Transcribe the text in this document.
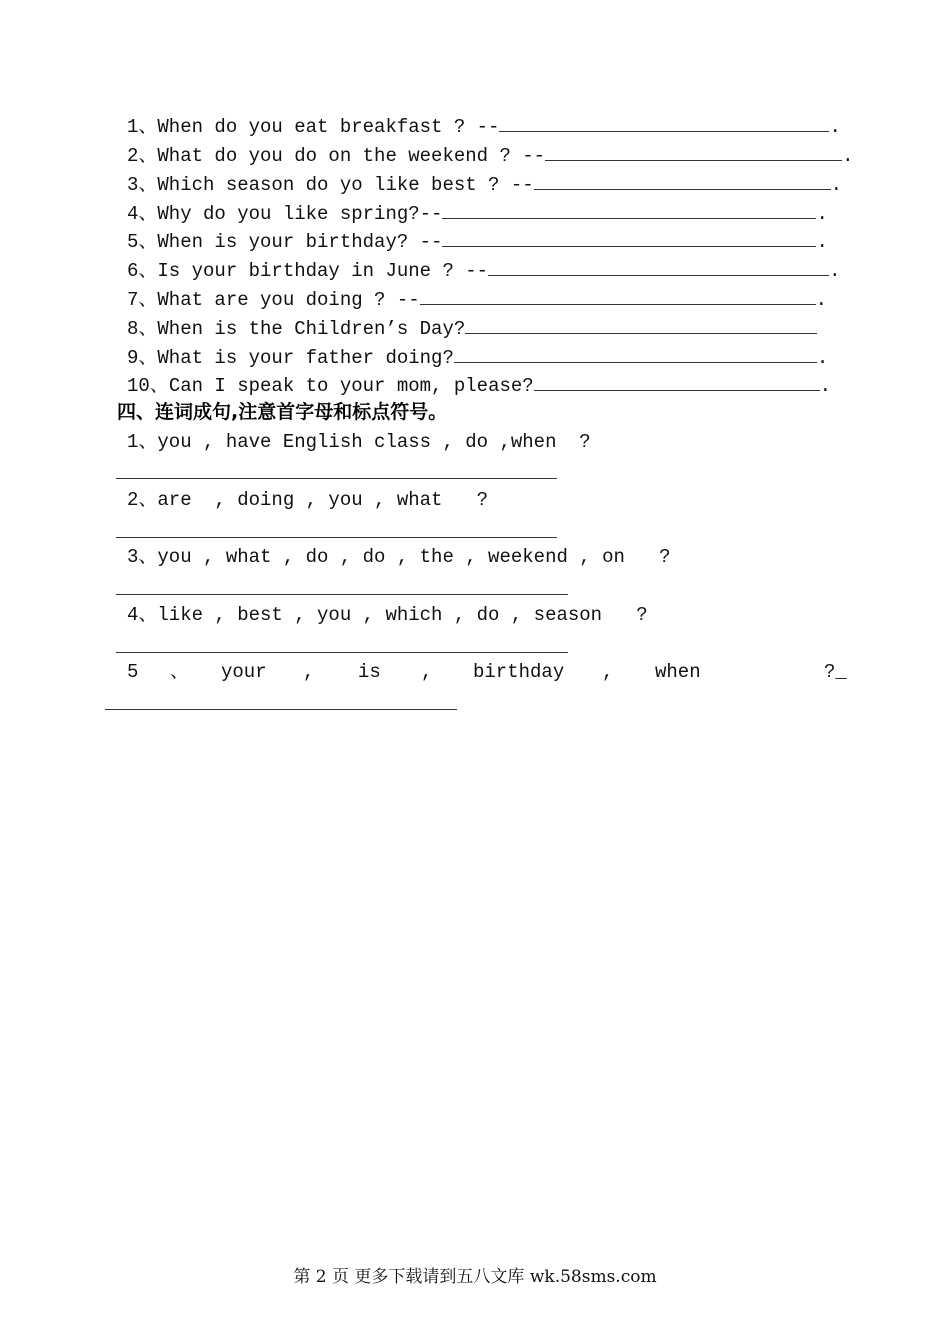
1、When do you eat breakfast ? --	.
2、What do you do on the weekend ? --	.
3、Which season do yo like best ? --	.
4、Why do you like spring?--	.
5、When is your birthday? --	.
6、Is your birthday in June ? --	.
7、What are you doing ? --	.
8、When is the Children’s Day?
9、What is your father doing?	.
10、Can I speak to your mom, please?	.
四、连词成句,注意首字母和标点符号。
1、you , have English class , do ,when  ?
2、are  , doing , you , what   ?
3、you , what , do , do , the , weekend , on   ?
4、like , best , you , which , do , season   ?
5 、 your , is , birthday , when	?_
第 2 页 更多下载请到五八文库 wk.58sms.com
